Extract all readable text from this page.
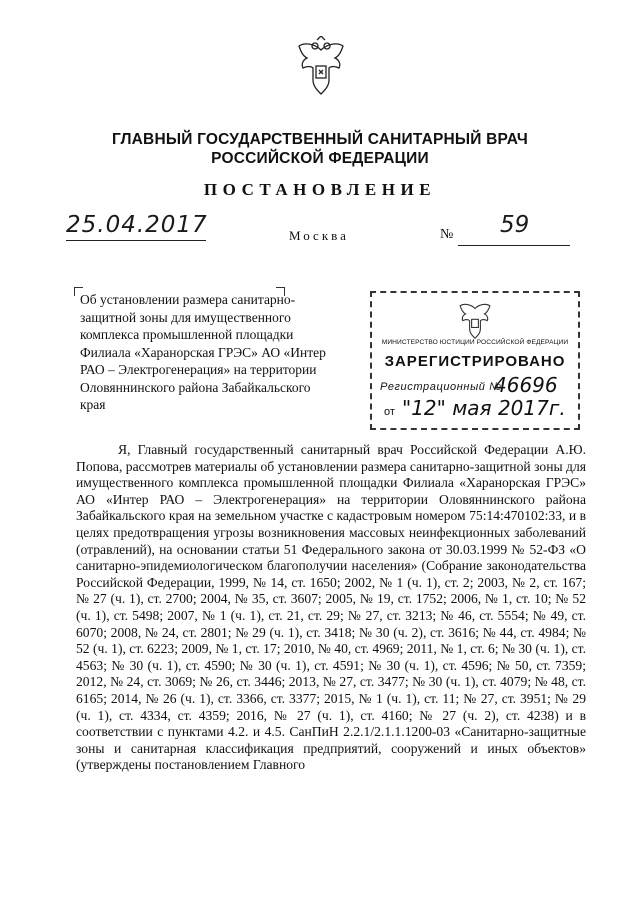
ГЛАВНЫЙ ГОСУДАРСТВЕННЫЙ САНИТАРНЫЙ ВРАЧ
РОССИЙСКОЙ ФЕДЕРАЦИИ
ПОСТАНОВЛЕНИЕ
25.04.2017	Москва	№ 59
Об установлении размера санитарно-защитной зоны для имущественного комплекса промышленной площадки Филиала «Харанорская ГРЭС» АО «Интер РАО – Электрогенерация» на территории Оловяннинского района Забайкальского края
МИНИСТЕРСТВО ЮСТИЦИИ РОССИЙСКОЙ ФЕДЕРАЦИИ
ЗАРЕГИСТРИРОВАНО
Регистрационный №
46696
от "12" мая 2017г.

Я, Главный государственный санитарный врач Российской Федерации А.Ю. Попова, рассмотрев материалы об установлении размера санитарно-защитной зоны для имущественного комплекса промышленной площадки Филиала «Харанорская ГРЭС» АО «Интер РАО – Электрогенерация» на территории Оловяннинского района Забайкальского края на земельном участке с кадастровым номером 75:14:470102:33, и в целях предотвращения угрозы возникновения массовых неинфекционных заболеваний (отравлений), на основании статьи 51 Федерального закона от 30.03.1999 № 52-ФЗ «О санитарно-эпидемиологическом благополучии населения» (Собрание законодательства Российской Федерации, 1999, № 14, ст. 1650; 2002, № 1 (ч. 1), ст. 2; 2003, № 2, ст. 167; № 27 (ч. 1), ст. 2700; 2004, № 35, ст. 3607; 2005, № 19, ст. 1752; 2006, № 1, ст. 10; № 52 (ч. 1), ст. 5498; 2007, № 1 (ч. 1), ст. 21, ст. 29; № 27, ст. 3213; № 46, ст. 5554; № 49, ст. 6070; 2008, № 24, ст. 2801; № 29 (ч. 1), ст. 3418; № 30 (ч. 2), ст. 3616; № 44, ст. 4984; № 52 (ч. 1), ст. 6223; 2009, № 1, ст. 17; 2010, № 40, ст. 4969; 2011, № 1, ст. 6; № 30 (ч. 1), ст. 4563; № 30 (ч. 1), ст. 4590; № 30 (ч. 1), ст. 4591; № 30 (ч. 1), ст. 4596; № 50, ст. 7359; 2012, № 24, ст. 3069; № 26, ст. 3446; 2013, № 27, ст. 3477; № 30 (ч. 1), ст. 4079; № 48, ст. 6165; 2014, № 26 (ч. 1), ст. 3366, ст. 3377; 2015, № 1 (ч. 1), ст. 11; № 27, ст. 3951; № 29 (ч. 1), ст. 4334, ст. 4359; 2016, № 27 (ч. 1), ст. 4160; № 27 (ч. 2), ст. 4238) и в соответствии с пунктами 4.2. и 4.5. СанПиН 2.2.1/2.1.1.1200-03 «Санитарно-защитные зоны и санитарная классификация предприятий, сооружений и иных объектов» (утверждены постановлением Главного
